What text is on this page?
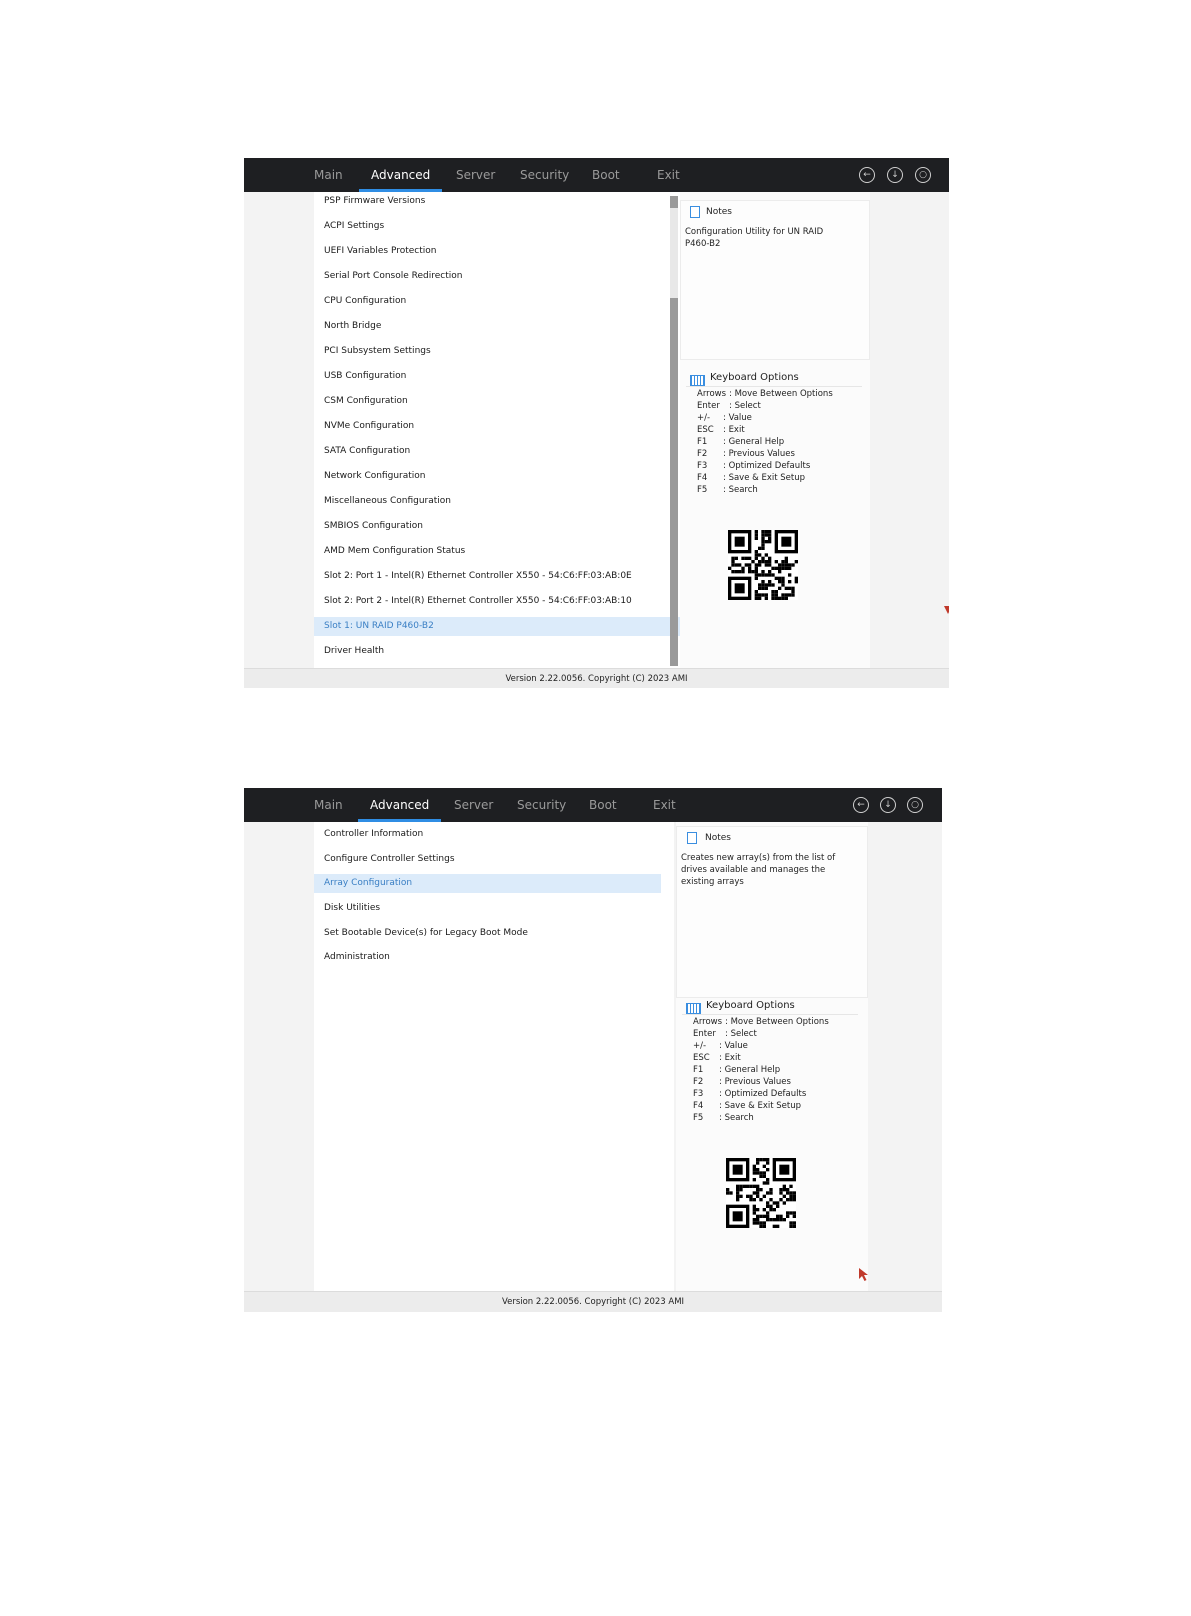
Main Advanced Server Security Boot	Exit	←	↓	○
PSP Firmware Versions
ACPI Settings
UEFI Variables Protection
Serial Port Console Redirection
CPU Configuration
North Bridge
PCI Subsystem Settings
USB Configuration
CSM Configuration
NVMe Configuration
SATA Configuration
Network Configuration
Miscellaneous Configuration
SMBIOS Configuration
AMD Mem Configuration Status
Slot 2: Port 1 - Intel(R) Ethernet Controller X550 - 54:C6:FF:03:AB:0E
Slot 2: Port 2 - Intel(R) Ethernet Controller X550 - 54:C6:FF:03:AB:10
Slot 1: UN RAID P460-B2
Driver Health
Notes
Configuration Utility for UN RAID P460-B2
Keyboard Options
Arrows : Move Between Options
Enter : Select
+/- : Value
ESC : Exit
F1 : General Help
F2 : Previous Values
F3 : Optimized Defaults
F4 : Save & Exit Setup
F5 : Search
Version 2.22.0056. Copyright (C) 2023 AMI
Main Advanced Server Security Boot	Exit	←	↓	○
Controller Information
Configure Controller Settings
Array Configuration
Disk Utilities
Set Bootable Device(s) for Legacy Boot Mode
Administration
Notes
Creates new array(s) from the list of drives available and manages the existing arrays
Keyboard Options
Arrows : Move Between Options
Enter : Select
+/- : Value
ESC : Exit
F1 : General Help
F2 : Previous Values
F3 : Optimized Defaults
F4 : Save & Exit Setup
F5 : Search
Version 2.22.0056. Copyright (C) 2023 AMI
